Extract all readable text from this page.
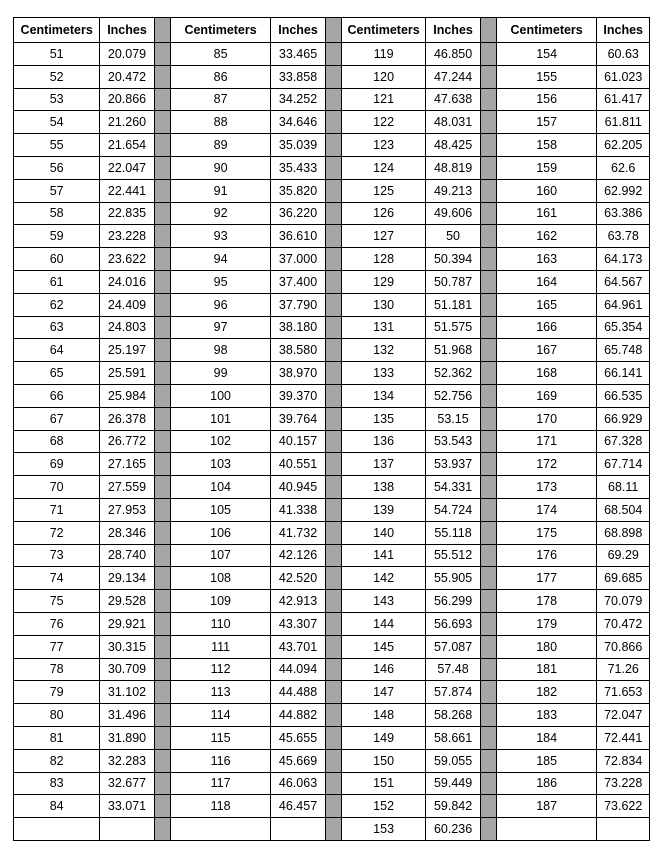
Centimeters	Inches		Centimeters	Inches		Centimeters	Inches		Centimeters	Inches
51	20.079		85	33.465		119	46.850		154	60.63
52	20.472		86	33.858		120	47.244		155	61.023
53	20.866		87	34.252		121	47.638		156	61.417
54	21.260		88	34.646		122	48.031		157	61.811
55	21.654		89	35.039		123	48.425		158	62.205
56	22.047		90	35.433		124	48.819		159	62.6
57	22.441		91	35.820		125	49.213		160	62.992
58	22.835		92	36.220		126	49.606		161	63.386
59	23.228		93	36.610		127	50		162	63.78
60	23.622		94	37.000		128	50.394		163	64.173
61	24.016		95	37.400		129	50.787		164	64.567
62	24.409		96	37.790		130	51.181		165	64.961
63	24.803		97	38.180		131	51.575		166	65.354
64	25.197		98	38.580		132	51.968		167	65.748
65	25.591		99	38.970		133	52.362		168	66.141
66	25.984		100	39.370		134	52.756		169	66.535
67	26.378		101	39.764		135	53.15		170	66.929
68	26.772		102	40.157		136	53.543		171	67.328
69	27.165		103	40.551		137	53.937		172	67.714
70	27.559		104	40.945		138	54.331		173	68.11
71	27.953		105	41.338		139	54.724		174	68.504
72	28.346		106	41.732		140	55.118		175	68.898
73	28.740		107	42.126		141	55.512		176	69.29
74	29.134		108	42.520		142	55.905		177	69.685
75	29.528		109	42.913		143	56.299		178	70.079
76	29.921		110	43.307		144	56.693		179	70.472
77	30.315		111	43.701		145	57.087		180	70.866
78	30.709		112	44.094		146	57.48		181	71.26
79	31.102		113	44.488		147	57.874		182	71.653
80	31.496		114	44.882		148	58.268		183	72.047
81	31.890		115	45.655		149	58.661		184	72.441
82	32.283		116	45.669		150	59.055		185	72.834
83	32.677		117	46.063		151	59.449		186	73.228
84	33.071		118	46.457		152	59.842		187	73.622
						153	60.236			
